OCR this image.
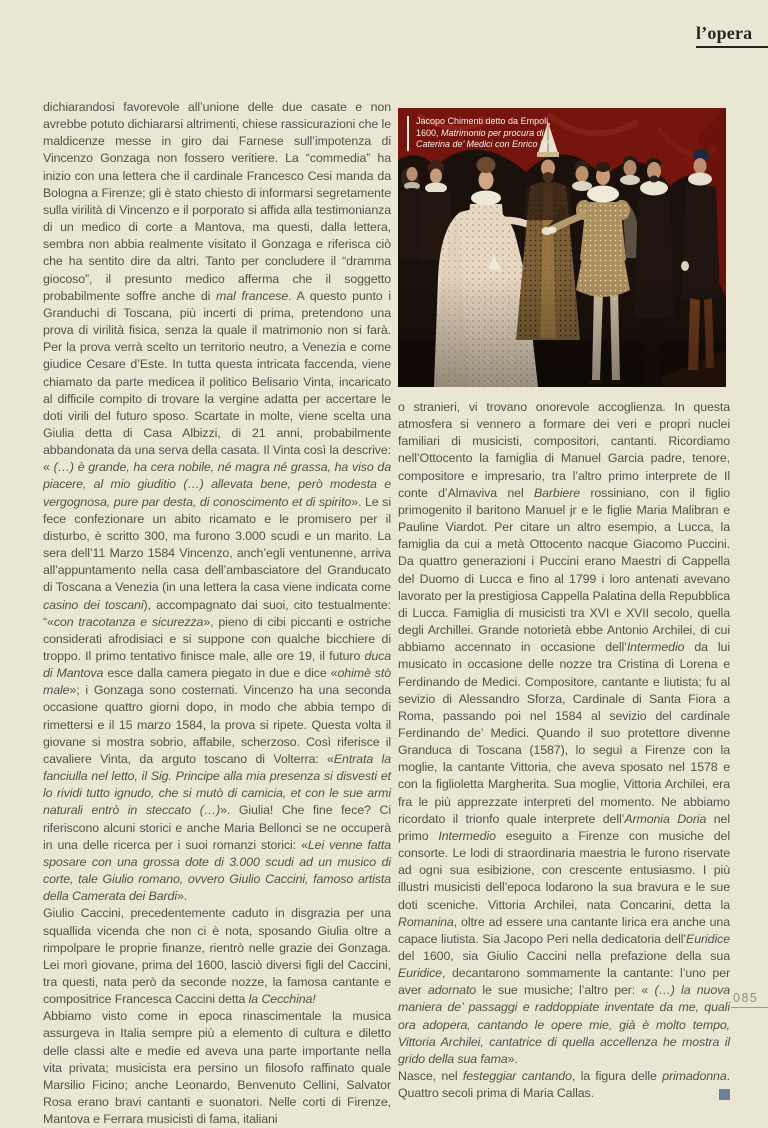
l’opera

dichiarandosi favorevole all’unione delle due casate e non avrebbe potuto dichiararsi altrimenti, chiese rassicurazioni che le maldicenze messe in giro dai Farnese sull’impotenza di Vincenzo Gonzaga non fossero veritiere. La “commedia” ha inizio con una lettera che il cardinale Francesco Cesi manda da Bologna a Firenze; gli è stato chiesto di informarsi segretamente sulla virilità di Vincenzo e il porporato si affida alla testimonianza di un medico di corte a Mantova, ma questi, dalla lettera, sembra non abbia realmente visitato il Gonzaga e riferisca ciò che ha sentito dire da altri. Tanto per concludere il “dramma giocoso”, il presunto medico afferma che il soggetto probabilmente soffre anche di mal francese. A questo punto i Granduchi di Toscana, più incerti di prima, pretendono una prova di virilità fisica, senza la quale il matrimonio non si farà. Per la prova verrà scelto un territorio neutro, a Venezia e come giudice Cesare d’Este. In tutta questa intricata faccenda, viene chiamato da parte medicea il politico Belisario Vinta, incaricato al difficile compito di trovare la vergine adatta per accertare le doti virili del futuro sposo. Scartate in molte, viene scelta una Giulia detta di Casa Albizzi, di 21 anni, probabilmente abbandonata da una serva della casata. Il Vinta così la descrive: « (…) è grande, ha cera nobile, né magra né grassa, ha viso da piacere, al mio giuditio (…) allevata bene, però modesta e vergognosa, pure par desta, di conoscimento et di spirito». Le si fece confezionare un abito ricamato e le promisero per il disturbo, è scritto 300, ma furono 3.000 scudi e un marito. La sera dell’11 Marzo 1584 Vincenzo, anch’egli ventunenne, arriva all’appuntamento nella casa dell’ambasciatore del Granducato di Toscana a Venezia (in una lettera la casa viene indicata come casino dei toscani), accompagnato dai suoi, cito testualmente: “«con tracotanza e sicurezza», pieno di cibi piccanti e ostriche considerati afrodisiaci e si suppone con qualche bicchiere di troppo. Il primo tentativo finisce male, alle ore 19, il futuro duca di Mantova esce dalla camera piegato in due e dice «ohimè stò male»; i Gonzaga sono costernati. Vincenzo ha una seconda occasione quattro giorni dopo, in modo che abbia tempo di rimettersi e il 15 marzo 1584, la prova si ripete. Questa volta il giovane si mostra sobrio, affabile, scherzoso. Così riferisce il cavaliere Vinta, da arguto toscano di Volterra: «Entrata la fanciulla nel letto, il Sig. Principe alla mia presenza si disvesti et lo rividi tutto ignudo, che si mutò di camicia, et con le sue armi naturali entrò in steccato (…)». Giulia! Che fine fece? Ci riferiscono alcuni storici e anche Maria Bellonci se ne occuperà in una delle ricerca per i suoi romanzi storici: «Lei venne fatta sposare con una grossa dote di 3.000 scudi ad un musico di corte, tale Giulio romano, ovvero Giulio Caccini, famoso artista della Camerata dei Bardi».

Giulio Caccini, precedentemente caduto in disgrazia per una squallida vicenda che non ci è nota, sposando Giulia oltre a rimpolpare le proprie finanze, rientrò nelle grazie dei Gonzaga. Lei morì giovane, prima del 1600, lasciò diversi figli del Caccini, tra questi, nata però da seconde nozze, la famosa cantante e compositrice Francesca Caccini detta la Cecchina!

Abbiamo visto come in epoca rinascimentale la musica assurgeva in Italia sempre più a elemento di cultura e diletto delle classi alte e medie ed aveva una parte importante nella vita privata; musicista era persino un filosofo raffinato quale Marsilio Ficino; anche Leonardo, Benvenuto Cellini, Salvator Rosa erano bravi cantanti e suonatori. Nelle corti di Firenze, Mantova e Ferrara musicisti di fama, italiani

Jacopo Chimenti detto da Empoli,
1600, Matrimonio per procura di
Caterina de’ Medici con Enrico IV

o stranieri, vi trovano onorevole accoglienza. In questa atmosfera si vennero a formare dei veri e propri nuclei familiari di musicisti, compositori, cantanti. Ricordiamo nell’Ottocento la famiglia di Manuel Garcia padre, tenore, compositore e impresario, tra l’altro primo interprete de Il conte d’Almaviva nel Barbiere rossiniano, con il figlio primogenito il baritono Manuel jr e le figlie Maria Malibran e Pauline Viardot. Per citare un altro esempio, a Lucca, la famiglia da cui a metà Ottocento nacque Giacomo Puccini. Da quattro generazioni i Puccini erano Maestri di Cappella del Duomo di Lucca e fino al 1799 i loro antenati avevano lavorato per la prestigiosa Cappella Palatina della Repubblica di Lucca. Famiglia di musicisti tra XVI e XVII secolo, quella degli Archillei. Grande notorietà ebbe Antonio Archilei, di cui abbiamo accennato in occasione dell’Intermedio da lui musicato in occasione delle nozze tra Cristina di Lorena e Ferdinando de Medici. Compositore, cantante e liutista; fu al sevizio di Alessandro Sforza, Cardinale di Santa Fiora a Roma, passando poi nel 1584 al sevizio del cardinale Ferdinando de’ Medici. Quando il suo protettore divenne Granduca di Toscana (1587), lo seguì a Firenze con la moglie, la cantante Vittoria, che aveva sposato nel 1578 e con la figlioletta Margherita. Sua moglie, Vittoria Archilei, era fra le più apprezzate interpreti del momento. Ne abbiamo ricordato il trionfo quale interprete dell’Armonia Doria nel primo Intermedio eseguito a Firenze con musiche del consorte. Le lodi di straordinaria maestria le furono riservate ad ogni sua esibizione, con crescente entusiasmo. I più illustri musicisti dell’epoca lodarono la sua bravura e le sue doti sceniche. Vittoria Archilei, nata Concarini, detta la Romanina, oltre ad essere una cantante lirica era anche una capace liutista. Sia Jacopo Peri nella dedicatoria dell’Euridice del 1600, sia Giulio Caccini nella prefazione della sua Euridice, decantarono sommamente la cantante: l’uno per aver adornato le sue musiche; l’altro per: « (…) la nuova maniera de’ passaggi e raddoppiate inventate da me, quali ora adopera, cantando le opere mie, già è molto tempo, Vittoria Archilei, cantatrice di quella accellenza he mostra il grido della sua fama».

Nasce, nel festeggiar cantando, la figura delle primadonna. Quattro secoli prima di Maria Callas.

085
